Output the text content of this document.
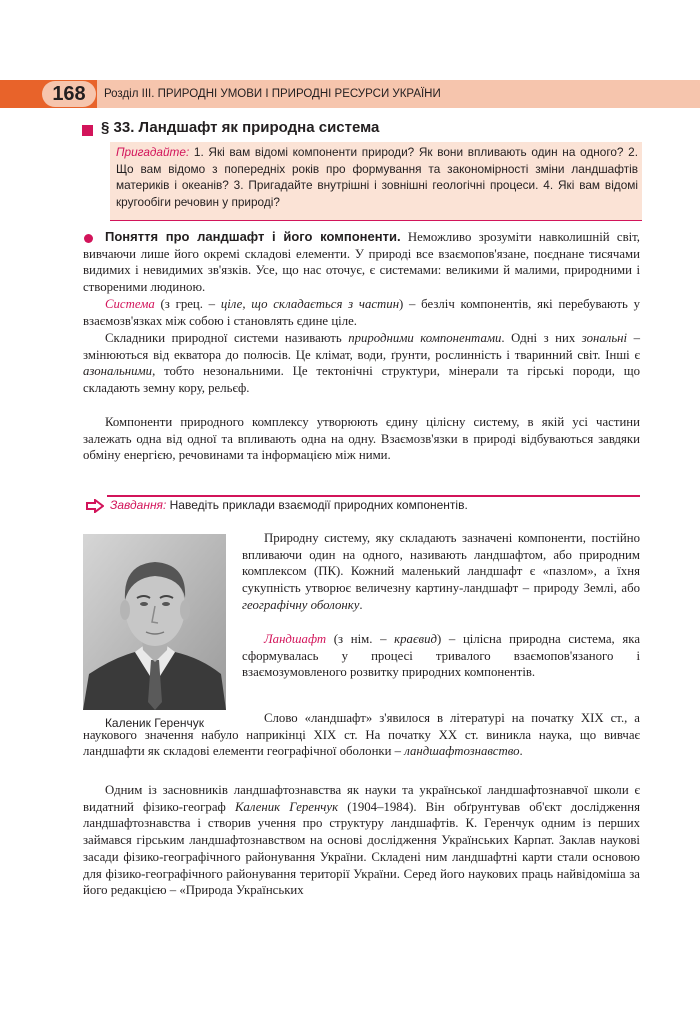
168	Розділ ІІІ. ПРИРОДНІ УМОВИ І ПРИРОДНІ РЕСУРСИ УКРАЇНИ
§ 33. Ландшафт як природна система
Пригадайте: 1. Які вам відомі компоненти природи? Як вони впливають один на одного? 2. Що вам відомо з попередніх років про формування та закономірності зміни ландшафтів материків і океанів? 3. Пригадайте внутрішні і зовнішні геологічні процеси. 4. Які вам відомі кругообіги речовин у природі?
Поняття про ландшафт і його компоненти. Неможливо зрозуміти навколишній світ, вивчаючи лише його окремі складові елементи. У природі все взаємопов'язане, поєднане тисячами видимих і невидимих зв'язків. Усе, що нас оточує, є системами: великими й малими, природними і створеними людиною.
Система (з грец. – ціле, що складається з частин) – безліч компонентів, які перебувають у взаємозв'язках між собою і становлять єдине ціле.
Складники природної системи називають природними компонентами. Одні з них зональні – змінюються від екватора до полюсів. Це клімат, води, ґрунти, рослинність і тваринний світ. Інші є азональними, тобто незональними. Це тектонічні структури, мінерали та гірські породи, що складають земну кору, рельєф.
Компоненти природного комплексу утворюють єдину цілісну систему, в якій усі частини залежать одна від одної та впливають одна на одну. Взаємозв'язки в природі відбуваються завдяки обміну енергією, речовинами та інформацією між ними.
Завдання: Наведіть приклади взаємодії природних компонентів.
Каленик Геренчук
Природну систему, яку складають зазначені компоненти, постійно впливаючи один на одного, називають ландшафтом, або природним комплексом (ПК). Кожний маленький ландшафт є «пазлом», а їхня сукупність утворює величезну картину-ландшафт – природу Землі, або географічну оболонку.
Ландшафт (з нім. – краєвид) – цілісна природна система, яка сформувалась у процесі тривалого взаємопов'язаного і взаємозумовленого розвитку природних компонентів.
Слово «ландшафт» з'явилося в літературі на початку XIX ст., а наукового значення набуло наприкінці XIX ст. На початку XX ст. виникла наука, що вивчає ландшафти як складові елементи географічної оболонки – ландшафтознавство.
Одним із засновників ландшафтознавства як науки та української ландшафтознавчої школи є видатний фізико-географ Каленик Геренчук (1904–1984). Він обґрунтував об'єкт дослідження ландшафтознавства і створив учення про структуру ландшафтів. К. Геренчук одним із перших займався гірським ландшафтознавством на основі дослідження Українських Карпат. Заклав наукові засади фізико-географічного районування України. Складені ним ландшафтні карти стали основою для фізико-географічного районування території України. Серед його наукових праць найвідоміша за його редакцією – «Природа Українських
